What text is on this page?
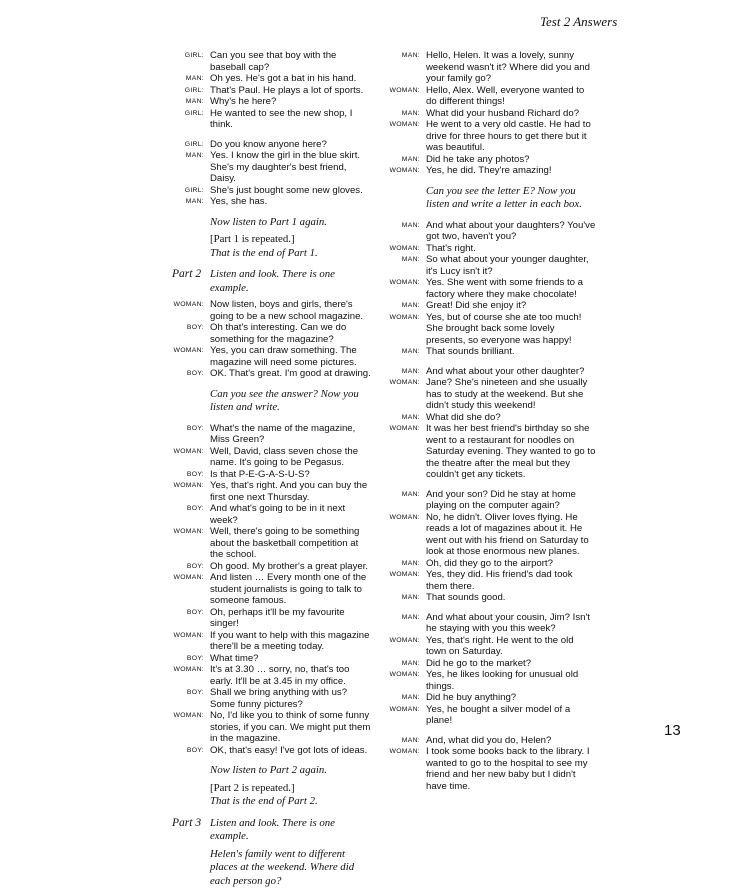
Test 2 Answers
GIRL: Can you see that boy with the baseball cap?
MAN: Oh yes. He's got a bat in his hand.
GIRL: That's Paul. He plays a lot of sports.
MAN: Why's he here?
GIRL: He wanted to see the new shop, I think.
GIRL: Do you know anyone here?
MAN: Yes. I know the girl in the blue skirt. She's my daughter's best friend, Daisy.
GIRL: She's just bought some new gloves.
MAN: Yes, she has.
Now listen to Part 1 again.
[Part 1 is repeated.]
That is the end of Part 1.
Part 2 Listen and look. There is one example.
WOMAN: Now listen, boys and girls, there's going to be a new school magazine.
BOY: Oh that's interesting. Can we do something for the magazine?
WOMAN: Yes, you can draw something. The magazine will need some pictures.
BOY: OK. That's great. I'm good at drawing.
Can you see the answer? Now you listen and write.
BOY: What's the name of the magazine, Miss Green?
WOMAN: Well, David, class seven chose the name. It's going to be Pegasus.
BOY: Is that P-E-G-A-S-U-S?
WOMAN: Yes, that's right. And you can buy the first one next Thursday.
BOY: And what's going to be in it next week?
WOMAN: Well, there's going to be something about the basketball competition at the school.
BOY: Oh good. My brother's a great player.
WOMAN: And listen … Every month one of the student journalists is going to talk to someone famous.
BOY: Oh, perhaps it'll be my favourite singer!
WOMAN: If you want to help with this magazine there'll be a meeting today.
BOY: What time?
WOMAN: It's at 3.30 … sorry, no, that's too early. It'll be at 3.45 in my office.
BOY: Shall we bring anything with us? Some funny pictures?
WOMAN: No, I'd like you to think of some funny stories, if you can. We might put them in the magazine.
BOY: OK, that's easy! I've got lots of ideas.
Now listen to Part 2 again.
[Part 2 is repeated.]
That is the end of Part 2.
Part 3 Listen and look. There is one example.
Helen's family went to different places at the weekend. Where did each person go?
MAN: Hello, Helen. It was a lovely, sunny weekend wasn't it? Where did you and your family go?
WOMAN: Hello, Alex. Well, everyone wanted to do different things!
MAN: What did your husband Richard do?
WOMAN: He went to a very old castle. He had to drive for three hours to get there but it was beautiful.
MAN: Did he take any photos?
WOMAN: Yes, he did. They're amazing!
Can you see the letter E? Now you listen and write a letter in each box.
MAN: And what about your daughters? You've got two, haven't you?
WOMAN: That's right.
MAN: So what about your younger daughter, it's Lucy isn't it?
WOMAN: Yes. She went with some friends to a factory where they make chocolate!
MAN: Great! Did she enjoy it?
WOMAN: Yes, but of course she ate too much! She brought back some lovely presents, so everyone was happy!
MAN: That sounds brilliant.
MAN: And what about your other daughter?
WOMAN: Jane? She's nineteen and she usually has to study at the weekend. But she didn't study this weekend!
MAN: What did she do?
WOMAN: It was her best friend's birthday so she went to a restaurant for noodles on Saturday evening. They wanted to go to the theatre after the meal but they couldn't get any tickets.
MAN: And your son? Did he stay at home playing on the computer again?
WOMAN: No, he didn't. Oliver loves flying. He reads a lot of magazines about it. He went out with his friend on Saturday to look at those enormous new planes.
MAN: Oh, did they go to the airport?
WOMAN: Yes, they did. His friend's dad took them there.
MAN: That sounds good.
MAN: And what about your cousin, Jim? Isn't he staying with you this week?
WOMAN: Yes, that's right. He went to the old town on Saturday.
MAN: Did he go to the market?
WOMAN: Yes, he likes looking for unusual old things.
MAN: Did he buy anything?
WOMAN: Yes, he bought a silver model of a plane!
MAN: And, what did you do, Helen?
WOMAN: I took some books back to the library. I wanted to go to the hospital to see my friend and her new baby but I didn't have time.
13
